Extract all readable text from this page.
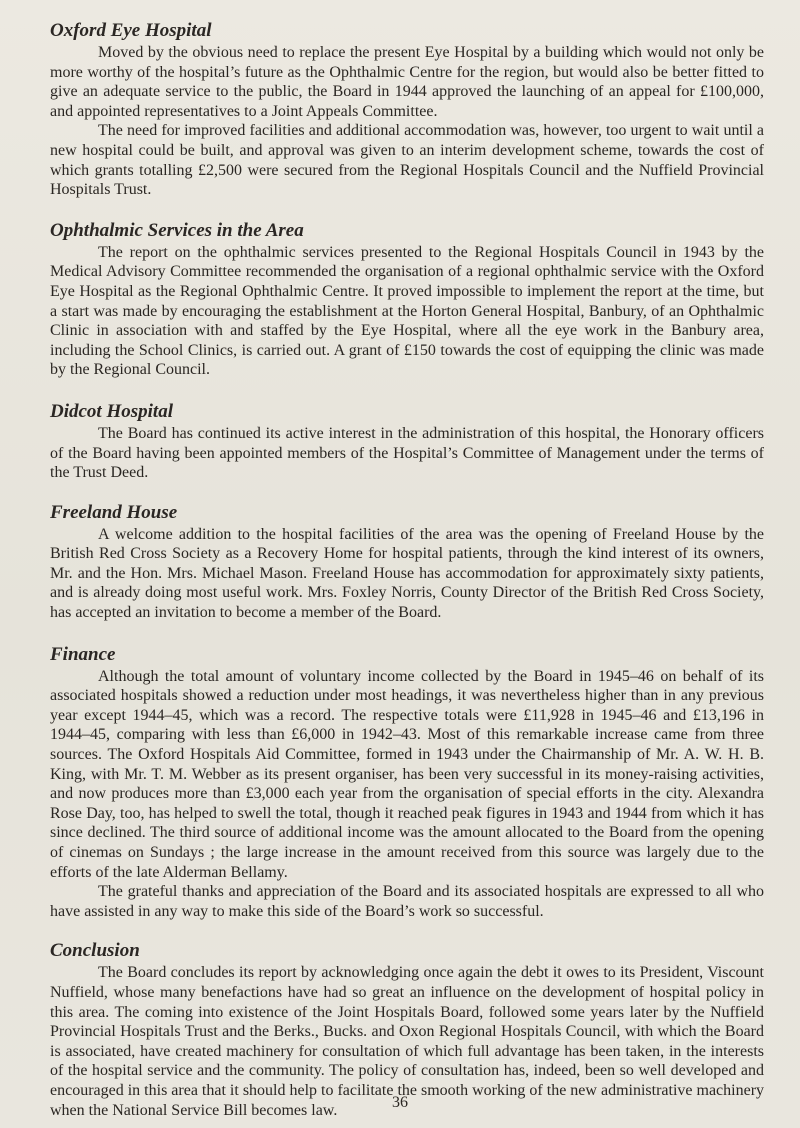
Oxford Eye Hospital

Moved by the obvious need to replace the present Eye Hospital by a building which would not only be more worthy of the hospital’s future as the Ophthalmic Centre for the region, but would also be better fitted to give an adequate service to the public, the Board in 1944 approved the launching of an appeal for £100,000, and appointed representatives to a Joint Appeals Committee.

The need for improved facilities and additional accommodation was, however, too urgent to wait until a new hospital could be built, and approval was given to an interim development scheme, towards the cost of which grants totalling £2,500 were secured from the Regional Hospitals Council and the Nuffield Provincial Hospitals Trust.

Ophthalmic Services in the Area

The report on the ophthalmic services presented to the Regional Hospitals Council in 1943 by the Medical Advisory Committee recommended the organisation of a regional ophthalmic service with the Oxford Eye Hospital as the Regional Ophthalmic Centre. It proved impossible to implement the report at the time, but a start was made by encouraging the establishment at the Horton General Hospital, Banbury, of an Ophthalmic Clinic in association with and staffed by the Eye Hospital, where all the eye work in the Banbury area, including the School Clinics, is carried out. A grant of £150 towards the cost of equipping the clinic was made by the Regional Council.

Didcot Hospital

The Board has continued its active interest in the administration of this hospital, the Honorary officers of the Board having been appointed members of the Hospital’s Committee of Management under the terms of the Trust Deed.

Freeland House

A welcome addition to the hospital facilities of the area was the opening of Freeland House by the British Red Cross Society as a Recovery Home for hospital patients, through the kind interest of its owners, Mr. and the Hon. Mrs. Michael Mason. Freeland House has accommodation for approximately sixty patients, and is already doing most useful work. Mrs. Foxley Norris, County Director of the British Red Cross Society, has accepted an invitation to become a member of the Board.

Finance

Although the total amount of voluntary income collected by the Board in 1945–46 on behalf of its associated hospitals showed a reduction under most headings, it was nevertheless higher than in any previous year except 1944–45, which was a record. The respective totals were £11,928 in 1945–46 and £13,196 in 1944–45, comparing with less than £6,000 in 1942–43. Most of this remarkable increase came from three sources. The Oxford Hospitals Aid Committee, formed in 1943 under the Chairmanship of Mr. A. W. H. B. King, with Mr. T. M. Webber as its present organiser, has been very successful in its money-raising activities, and now produces more than £3,000 each year from the organisation of special efforts in the city. Alexandra Rose Day, too, has helped to swell the total, though it reached peak figures in 1943 and 1944 from which it has since declined. The third source of additional income was the amount allocated to the Board from the opening of cinemas on Sundays ; the large increase in the amount received from this source was largely due to the efforts of the late Alderman Bellamy.

The grateful thanks and appreciation of the Board and its associated hospitals are expressed to all who have assisted in any way to make this side of the Board’s work so successful.

Conclusion

The Board concludes its report by acknowledging once again the debt it owes to its President, Viscount Nuffield, whose many benefactions have had so great an influence on the development of hospital policy in this area. The coming into existence of the Joint Hospitals Board, followed some years later by the Nuffield Provincial Hospitals Trust and the Berks., Bucks. and Oxon Regional Hospitals Council, with which the Board is associated, have created machinery for consultation of which full advantage has been taken, in the interests of the hospital service and the community. The policy of consultation has, indeed, been so well developed and encouraged in this area that it should help to facilitate the smooth working of the new administrative machinery when the National Service Bill becomes law.	36
